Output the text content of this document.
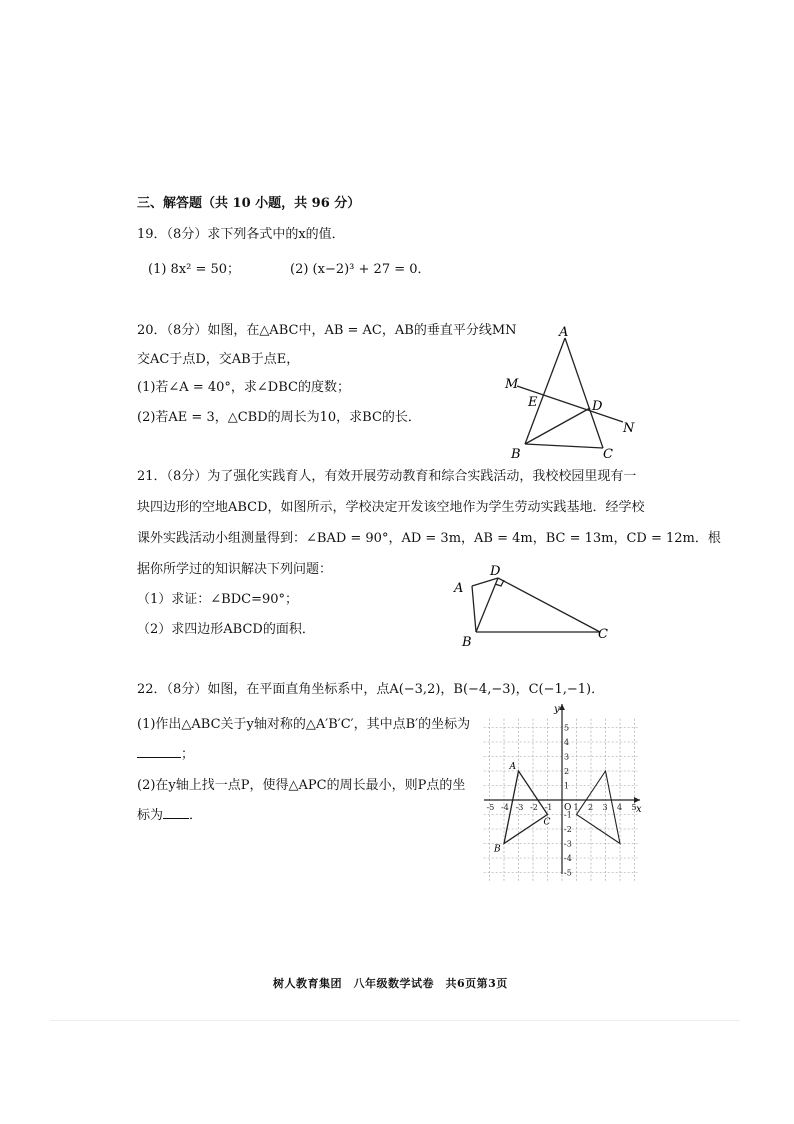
三、解答题（共 10 小题，共 96 分）
19．（8分）求下列各式中的x的值．
(1) 8x² = 50；	(2) (x−2)³ + 27 = 0．
20．（8分）如图，在△ABC中，AB = AC，AB的垂直平分线MN
交AC于点D，交AB于点E，
(1)若∠A = 40°，求∠DBC的度数；
(2)若AE = 3，△CBD的周长为10，求BC的长．
A
M
E	D
N
B	C
21．（8分）为了强化实践育人，有效开展劳动教育和综合实践活动，我校校园里现有一
块四边形的空地ABCD，如图所示，学校决定开发该空地作为学生劳动实践基地．经学校
课外实践活动小组测量得到：∠BAD = 90°，AD = 3m，AB = 4m，BC = 13m，CD = 12m．根
据你所学过的知识解决下列问题：
（1）求证：∠BDC=90°；
（2）求四边形ABCD的面积．
A
D
B
C
22．（8分）如图，在平面直角坐标系中，点A(−3,2)，B(−4,−3)，C(−1,−1)．
(1)作出△ABC关于y轴对称的△A′B′C′，其中点B′的坐标为
；
(2)在y轴上找一点P，使得△APC的周长最小，则P点的坐
标为 ．	x
y
O
-5 -4 -3 -2 -1	1 2 3 4 5
5
4
3
2
1
-1
-2
-3
-4
-5
A
B
C
树人教育集团　八年级数学试卷　共6页第3页
